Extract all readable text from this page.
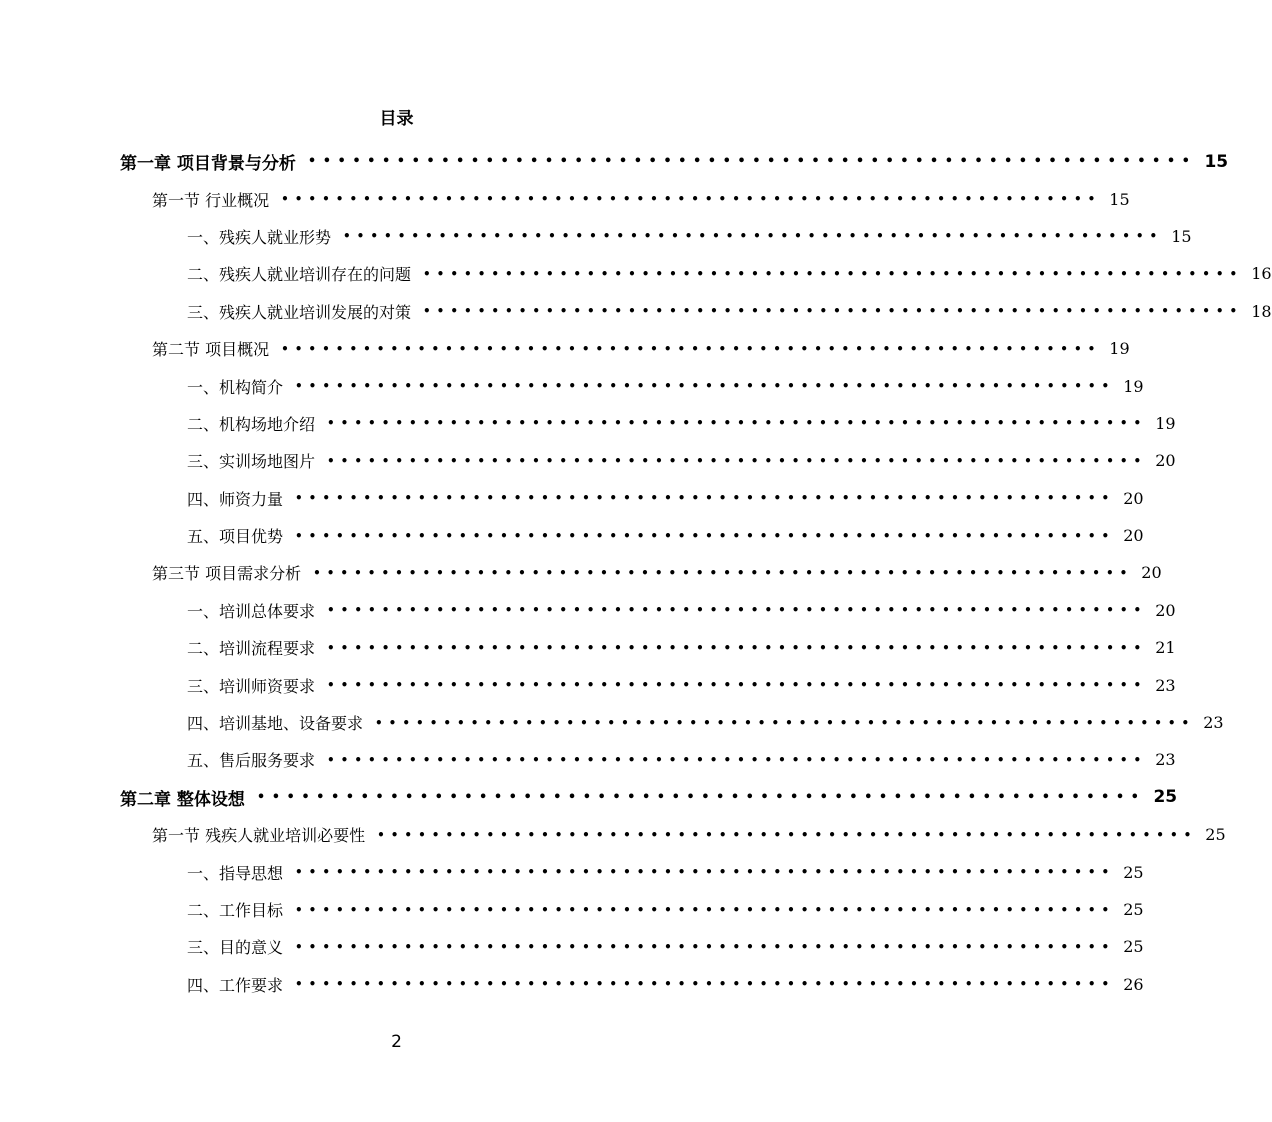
目录
第一章 项目背景与分析 •••••••••••••••••••••••••••••••••••••••••••••••••••••••••••• 15
第一节 行业概况 •••••••••••••••••••••••••••••••••••••••••••••••••••••••••••• 15
一、残疾人就业形势 •••••••••••••••••••••••••••••••••••••••••••••••••••••••••••• 15
二、残疾人就业培训存在的问题 •••••••••••••••••••••••••••••••••••••••••••••••••••••••••••• 16
三、残疾人就业培训发展的对策 •••••••••••••••••••••••••••••••••••••••••••••••••••••••••••• 18
第二节 项目概况 •••••••••••••••••••••••••••••••••••••••••••••••••••••••••••• 19
一、机构简介 •••••••••••••••••••••••••••••••••••••••••••••••••••••••••••• 19
二、机构场地介绍 •••••••••••••••••••••••••••••••••••••••••••••••••••••••••••• 19
三、实训场地图片 •••••••••••••••••••••••••••••••••••••••••••••••••••••••••••• 20
四、师资力量 •••••••••••••••••••••••••••••••••••••••••••••••••••••••••••• 20
五、项目优势 •••••••••••••••••••••••••••••••••••••••••••••••••••••••••••• 20
第三节 项目需求分析 •••••••••••••••••••••••••••••••••••••••••••••••••••••••••••• 20
一、培训总体要求 •••••••••••••••••••••••••••••••••••••••••••••••••••••••••••• 20
二、培训流程要求 •••••••••••••••••••••••••••••••••••••••••••••••••••••••••••• 21
三、培训师资要求 •••••••••••••••••••••••••••••••••••••••••••••••••••••••••••• 23
四、培训基地、设备要求 •••••••••••••••••••••••••••••••••••••••••••••••••••••••••••• 23
五、售后服务要求 •••••••••••••••••••••••••••••••••••••••••••••••••••••••••••• 23
第二章 整体设想 •••••••••••••••••••••••••••••••••••••••••••••••••••••••••••• 25
第一节 残疾人就业培训必要性 •••••••••••••••••••••••••••••••••••••••••••••••••••••••••••• 25
一、指导思想 •••••••••••••••••••••••••••••••••••••••••••••••••••••••••••• 25
二、工作目标 •••••••••••••••••••••••••••••••••••••••••••••••••••••••••••• 25
三、目的意义 •••••••••••••••••••••••••••••••••••••••••••••••••••••••••••• 25
四、工作要求 •••••••••••••••••••••••••••••••••••••••••••••••••••••••••••• 26
2
